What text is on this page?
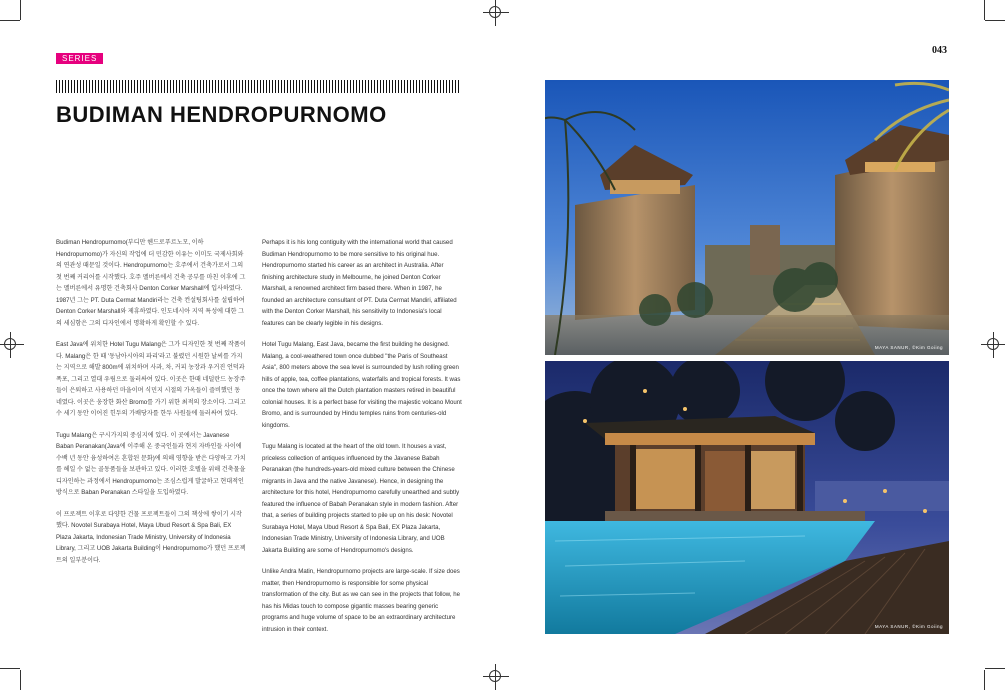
SERIES
BUDIMAN HENDROPURNOMO
043

Budiman Hendropurnomo(부디만 헨드로푸르노모, 이하 Hendropurnomo)가 자신의 작업에 더 민감한 이유는 이미도 국제사회와의 연관성 때문일 것이다. Hendropurnomo는 호주에서 건축가로서 그의 첫 번째 커리어를 시작했다. 호주 멜버른에서 건축 공부를 마친 이후에 그는 멜버른에서 유명한 건축회사 Denton Corker Marshall에 입사하였다. 1987년 그는 PT. Duta Cermat Mandiri라는 건축 컨설팅회사를 설립하여 Denton Corker Marshall와 제휴하였다. 인도네시아 지역 특성에 대한 그의 세심함은 그의 디자인에서 명확하게 확인할 수 있다.

East Java에 위치한 Hotel Tugu Malang은 그가 디자인한 첫 번째 작품이다. Malang은 한 때 '동남아시아의 파리'라고 불렸던 시원한 날씨를 가지는 지역으로 해발 800m에 위치하며 사과, 차, 커피 농장과 우거진 언덕과 폭포, 그리고 열대 우림으로 둘러싸여 있다. 이곳은 한때 네덜란드 농장주들이 은퇴하고 사용하던 마을이며 식민지 시절의 가옥들이 즐비했던 동네였다. 이곳은 웅장한 화산 Bromo를 가기 위한 최적의 장소이다. 그리고 수 세기 동안 이어진 힌두의 가배당자를 한두 사원들에 둘러싸여 있다.

Tugu Malang은 구시가지의 중심지에 있다. 이 곳에서는 Javanese Baban Peranakan(Java에 이주해 온 중국인들과 현지 자바인들 사이에 수백 년 동안 융성하여온 혼합된 문화)에 의해 영향을 받은 다양하고 가치를 헤일 수 없는 골동품들을 보관하고 있다. 이러한 호텔을 위해 건축물을 디자인하는 과정에서 Hendropurnomo는 조심스럽게 발굴하고 현대적인 방식으로 Baban Peranakan 스타일을 도입하였다.

이 프로젝트 이후로 다양한 건물 프로젝트들이 그의 책상에 쌓이기 시작했다. Novotel Surabaya Hotel, Maya Ubud Resort & Spa Bali, EX Plaza Jakarta, Indonesian Trade Ministry, University of Indonesia Library, 그리고 UOB Jakarta Building이 Hendropurnomo가 했던 프로젝트의 일부분이다.

Perhaps it is his long contiguity with the international world that caused Budiman Hendropurnomo to be more sensitive to his original hue. Hendropurnomo started his career as an architect in Australia. After finishing architecture study in Melbourne, he joined Denton Corker Marshall, a renowned architect firm based there. When in 1987, he founded an architecture consultant of PT. Duta Cermat Mandiri, affiliated with the Denton Corker Marshall, his sensitivity to Indonesia's local features can be clearly legible in his designs.

Hotel Tugu Malang, East Java, became the first building he designed. Malang, a cool-weathered town once dubbed "the Paris of Southeast Asia", 800 meters above the sea level is surrounded by lush rolling green hills of apple, tea, coffee plantations, waterfalls and tropical forests. It was once the town where all the Dutch plantation masters retired in beautiful colonial houses. It is a perfect base for visiting the majestic volcano Mount Bromo, and is surrounded by Hindu temples ruins from centuries-old kingdoms.

Tugu Malang is located at the heart of the old town. It houses a vast, priceless collection of antiques influenced by the Javanese Babah Peranakan (the hundreds-years-old mixed culture between the Chinese migrants in Java and the native Javanese). Hence, in designing the architecture for this hotel, Hendropurnomo carefully unearthed and subtly featured the influence of Babah Peranakan style in modern fashion. After that, a series of building projects started to pile up on his desk: Novotel Surabaya Hotel, Maya Ubud Resort & Spa Bali, EX Plaza Jakarta, Indonesian Trade Ministry, University of Indonesia Library, and UOB Jakarta Building are some of Hendropurnomo's designs.

Unlike Andra Matin, Hendropurnomo projects are large-scale. If size does matter, then Hendropurnomo is responsible for some physical transformation of the city. But as we can see in the projects that follow, he has his Midas touch to compose gigantic masses bearing generic programs and huge volume of space to be an extraordinary architecture intrusion in their context.

MAYA SANUR, ©Kim Goiing
MAYA SANUR, ©Kim Goiing
